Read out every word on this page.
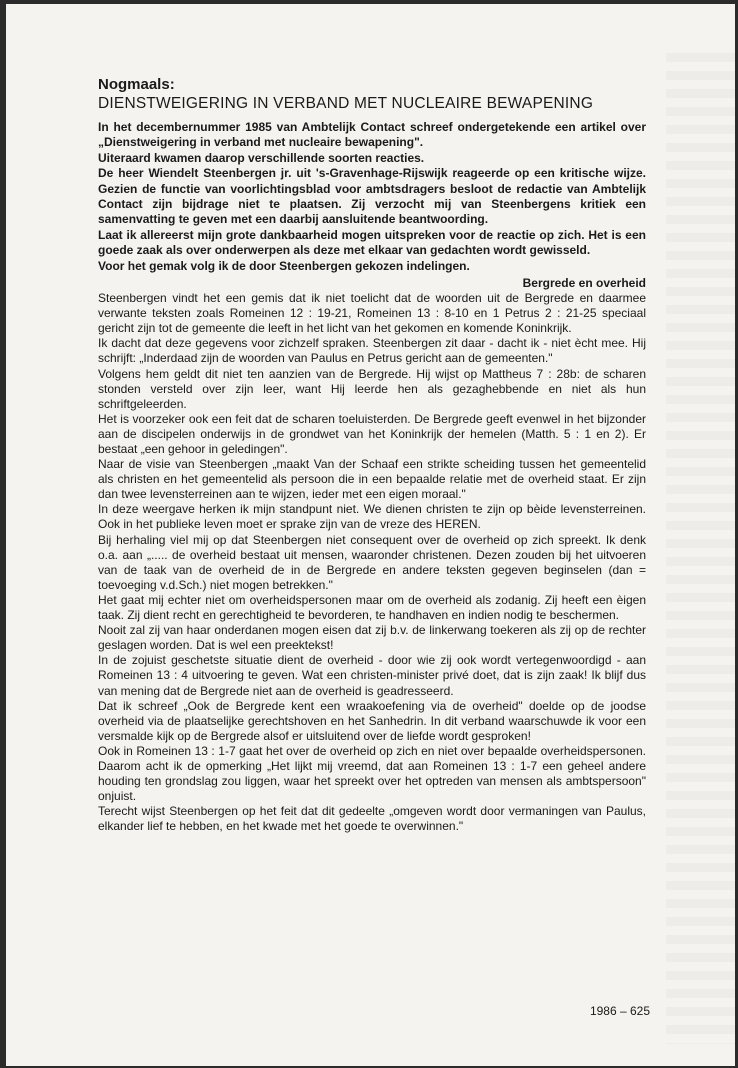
Nogmaals:

DIENSTWEIGERING IN VERBAND MET NUCLEAIRE BEWAPENING

In het decembernummer 1985 van Ambtelijk Contact schreef ondergetekende een artikel over „Dienstweigering in verband met nucleaire bewapening".

Uiteraard kwamen daarop verschillende soorten reacties.

De heer Wiendelt Steenbergen jr. uit 's-Gravenhage-Rijswijk reageerde op een kritische wijze. Gezien de functie van voorlichtingsblad voor ambtsdragers besloot de redactie van Ambtelijk Contact zijn bijdrage niet te plaatsen. Zij verzocht mij van Steenbergens kritiek een samenvatting te geven met een daarbij aansluitende beantwoording.

Laat ik allereerst mijn grote dankbaarheid mogen uitspreken voor de reactie op zich. Het is een goede zaak als over onderwerpen als deze met elkaar van gedachten wordt gewisseld.

Voor het gemak volg ik de door Steenbergen gekozen indelingen.

Bergrede en overheid

Steenbergen vindt het een gemis dat ik niet toelicht dat de woorden uit de Bergrede en daarmee verwante teksten zoals Romeinen 12 : 19-21, Romeinen 13 : 8-10 en 1 Petrus 2 : 21-25 speciaal gericht zijn tot de gemeente die leeft in het licht van het gekomen en komende Koninkrijk.

Ik dacht dat deze gegevens voor zichzelf spraken. Steenbergen zit daar - dacht ik - niet ècht mee. Hij schrijft: „Inderdaad zijn de woorden van Paulus en Petrus gericht aan de gemeenten."

Volgens hem geldt dit niet ten aanzien van de Bergrede. Hij wijst op Mattheus 7 : 28b: de scharen stonden versteld over zijn leer, want Hij leerde hen als gezaghebbende en niet als hun schriftgeleerden.

Het is voorzeker ook een feit dat de scharen toeluisterden. De Bergrede geeft evenwel in het bijzonder aan de discipelen onderwijs in de grondwet van het Koninkrijk der hemelen (Matth. 5 : 1 en 2). Er bestaat „een gehoor in geledingen".

Naar de visie van Steenbergen „maakt Van der Schaaf een strikte scheiding tussen het gemeentelid als christen en het gemeentelid als persoon die in een bepaalde relatie met de overheid staat. Er zijn dan twee levensterreinen aan te wijzen, ieder met een eigen moraal."

In deze weergave herken ik mijn standpunt niet. We dienen christen te zijn op bèide levensterreinen. Ook in het publieke leven moet er sprake zijn van de vreze des HEREN.

Bij herhaling viel mij op dat Steenbergen niet consequent over de overheid op zich spreekt. Ik denk o.a. aan „..... de overheid bestaat uit mensen, waaronder christenen. Dezen zouden bij het uitvoeren van de taak van de overheid de in de Bergrede en andere teksten gegeven beginselen (dan = toevoeging v.d.Sch.) niet mogen betrekken."

Het gaat mij echter niet om overheidspersonen maar om de overheid als zodanig. Zij heeft een èigen taak. Zij dient recht en gerechtigheid te bevorderen, te handhaven en indien nodig te beschermen.

Nooit zal zij van haar onderdanen mogen eisen dat zij b.v. de linkerwang toekeren als zij op de rechter geslagen worden. Dat is wel een preektekst!

In de zojuist geschetste situatie dient de overheid - door wie zij ook wordt vertegenwoordigd - aan Romeinen 13 : 4 uitvoering te geven. Wat een christen-minister privé doet, dat is zijn zaak! Ik blijf dus van mening dat de Bergrede niet aan de overheid is geadresseerd.

Dat ik schreef „Ook de Bergrede kent een wraakoefening via de overheid" doelde op de joodse overheid via de plaatselijke gerechtshoven en het Sanhedrin. In dit verband waarschuwde ik voor een versmalde kijk op de Bergrede alsof er uitsluitend over de liefde wordt gesproken!

Ook in Romeinen 13 : 1-7 gaat het over de overheid op zich en niet over bepaalde overheidspersonen. Daarom acht ik de opmerking „Het lijkt mij vreemd, dat aan Romeinen 13 : 1-7 een geheel andere houding ten grondslag zou liggen, waar het spreekt over het optreden van mensen als ambtspersoon" onjuist.

Terecht wijst Steenbergen op het feit dat dit gedeelte „omgeven wordt door vermaningen van Paulus, elkander lief te hebben, en het kwade met het goede te overwinnen."

1986 – 625
